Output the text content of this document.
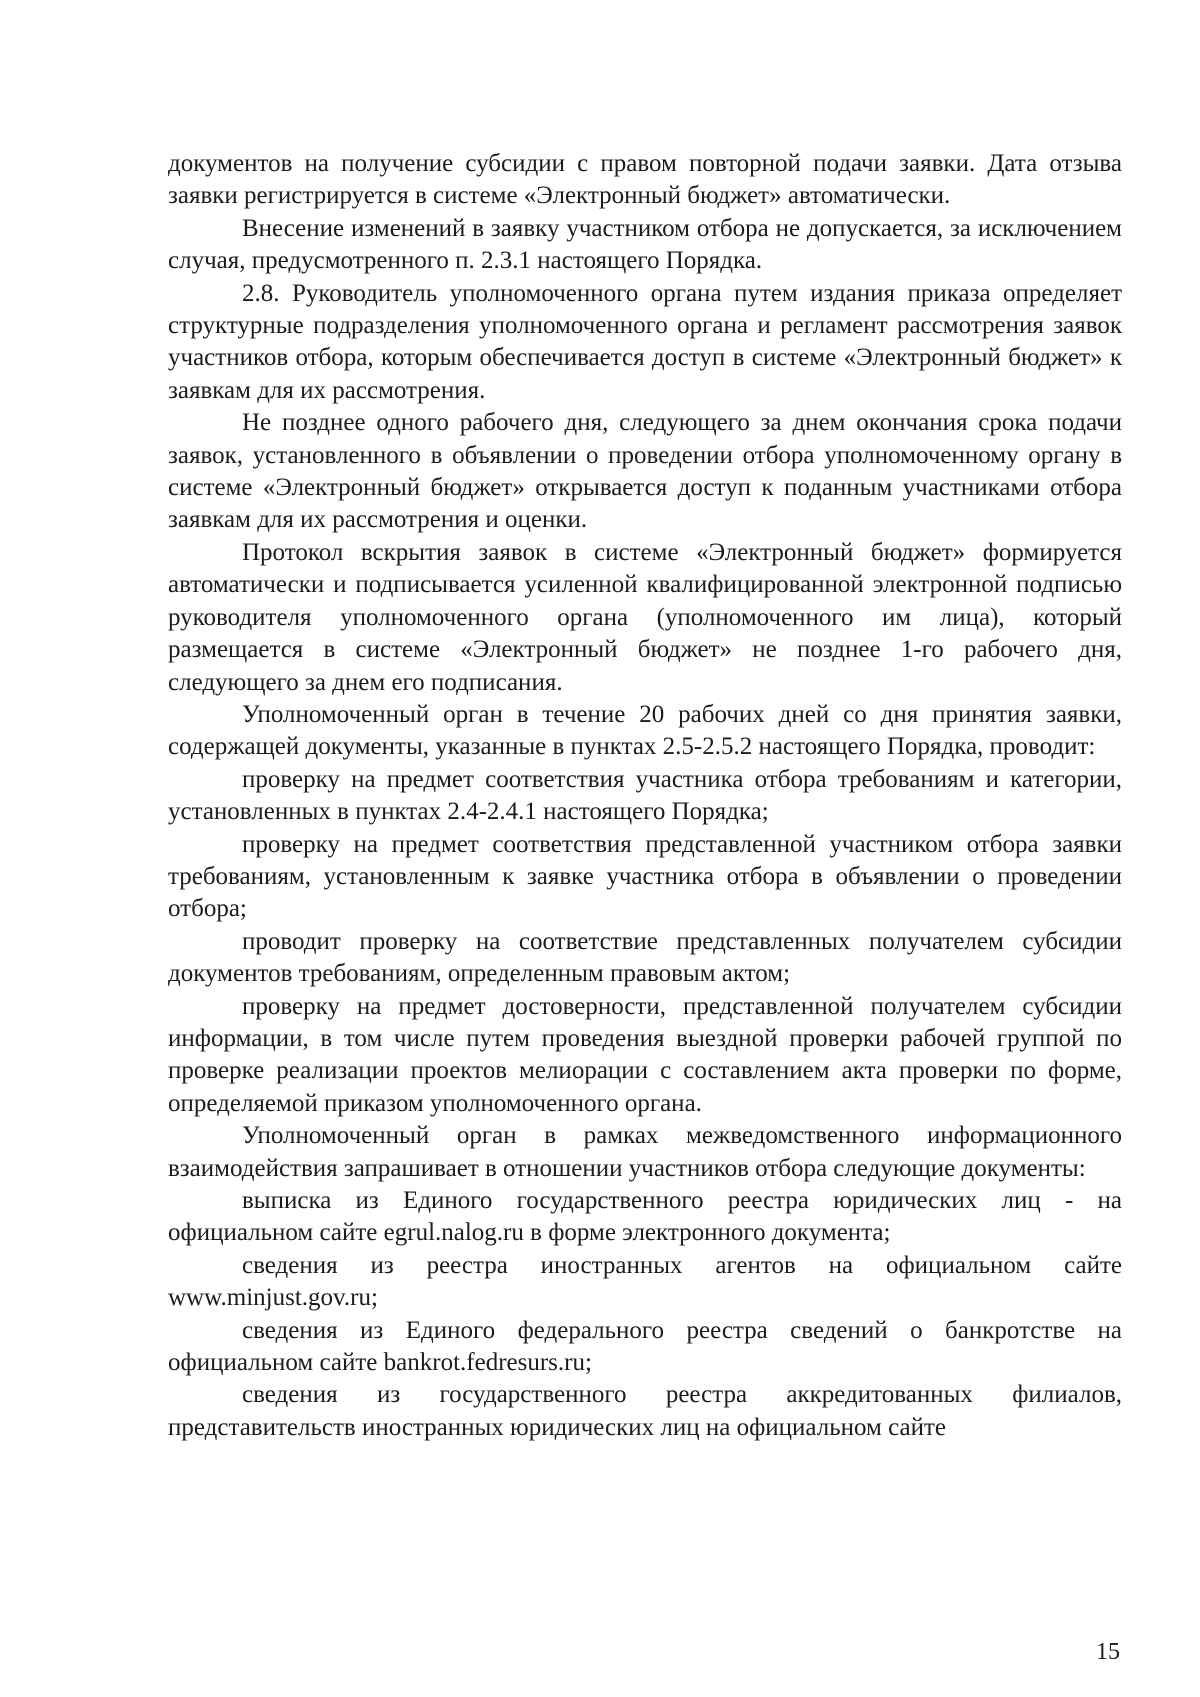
документов на получение субсидии с правом повторной подачи заявки. Дата отзыва заявки регистрируется в системе «Электронный бюджет» автоматически.

Внесение изменений в заявку участником отбора не допускается, за исключением случая, предусмотренного п. 2.3.1 настоящего Порядка.

2.8. Руководитель уполномоченного органа путем издания приказа определяет структурные подразделения уполномоченного органа и регламент рассмотрения заявок участников отбора, которым обеспечивается доступ в системе «Электронный бюджет» к заявкам для их рассмотрения.

Не позднее одного рабочего дня, следующего за днем окончания срока подачи заявок, установленного в объявлении о проведении отбора уполномоченному органу в системе «Электронный бюджет» открывается доступ к поданным участниками отбора заявкам для их рассмотрения и оценки.

Протокол вскрытия заявок в системе «Электронный бюджет» формируется автоматически и подписывается усиленной квалифицированной электронной подписью руководителя уполномоченного органа (уполномоченного им лица), который размещается в системе «Электронный бюджет» не позднее 1-го рабочего дня, следующего за днем его подписания.

Уполномоченный орган в течение 20 рабочих дней со дня принятия заявки, содержащей документы, указанные в пунктах 2.5-2.5.2 настоящего Порядка, проводит:

проверку на предмет соответствия участника отбора требованиям и категории, установленных в пунктах 2.4-2.4.1 настоящего Порядка;

проверку на предмет соответствия представленной участником отбора заявки требованиям, установленным к заявке участника отбора в объявлении о проведении отбора;

проводит проверку на соответствие представленных получателем субсидии документов требованиям, определенным правовым актом;

проверку на предмет достоверности, представленной получателем субсидии информации, в том числе путем проведения выездной проверки рабочей группой по проверке реализации проектов мелиорации с составлением акта проверки по форме, определяемой приказом уполномоченного органа.

Уполномоченный орган в рамках межведомственного информационного взаимодействия запрашивает в отношении участников отбора следующие документы:

выписка из Единого государственного реестра юридических лиц - на официальном сайте egrul.nalog.ru в форме электронного документа;

сведения из реестра иностранных агентов на официальном сайте www.minjust.gov.ru;

сведения из Единого федерального реестра сведений о банкротстве на официальном сайте bankrot.fedresurs.ru;

сведения из государственного реестра аккредитованных филиалов, представительств иностранных юридических лиц на официальном сайте

15
